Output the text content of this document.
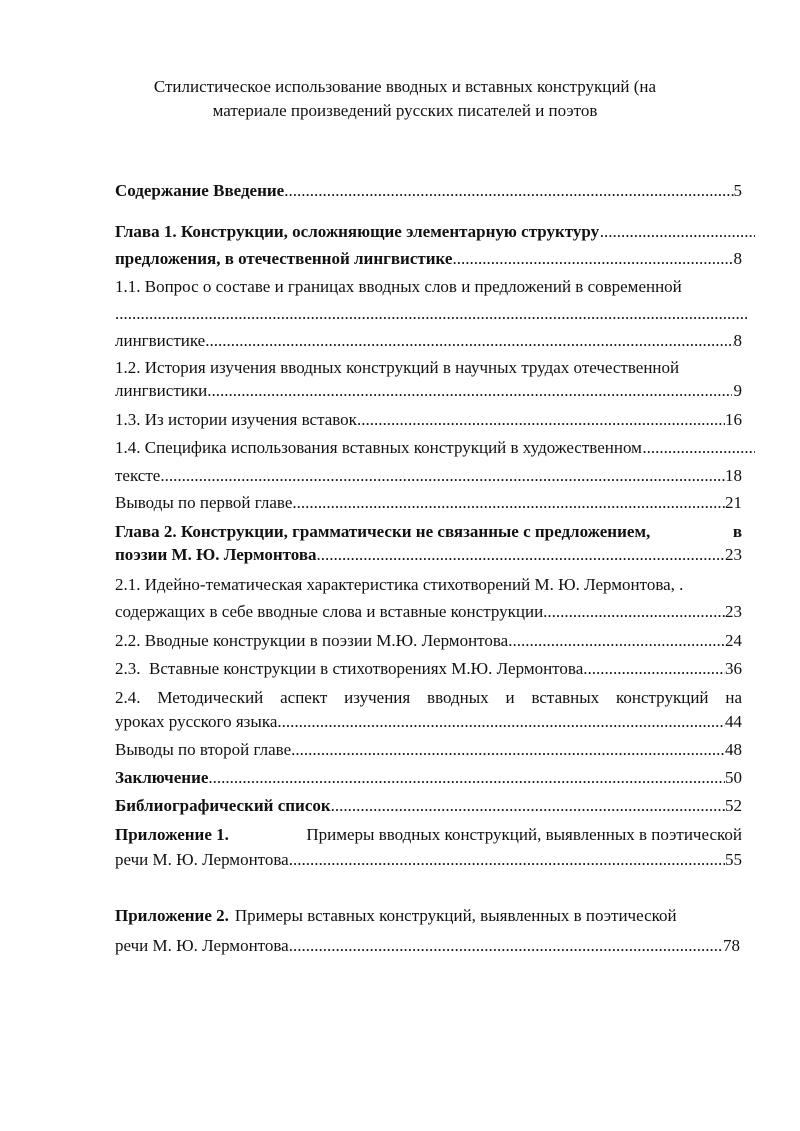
Стилистическое использование вводных и вставных конструкций (на
материале произведений русских писателей и поэтов
Содержание Введение .....	5
Глава 1. Конструкции, осложняющие элементарную структуру
.....
предложения, в отечественной лингвистике .....	8
1.1. Вопрос о составе и границах вводных слов и предложений в современной
.....
лингвистике .....	8
1.2. История изучения вводных конструкций в научных трудах отечественной
лингвистики .....	9
1.3. Из истории изучения вставок .....	16
1.4. Специфика использования вставных конструкций в художественном
.....
тексте .....	18
Выводы по первой главе .....	21
Глава 2. Конструкции, грамматически не связанные с предложением,	в
поэзии М. Ю. Лермонтова .....	23
2.1. Идейно-тематическая характеристика стихотворений М. Ю. Лермонтова, .
содержащих в себе вводные слова и вставные конструкции .....	23
2.2. Вводные конструкции в поэзии М.Ю. Лермонтова .....	24
2.3.  Вставные конструкции в стихотворениях М.Ю. Лермонтова .....	36
2.4. Методический аспект изучения вводных и вставных конструкций на
уроках русского языка .....	44
Выводы по второй главе .....	48
Заключение .....	50
Библиографический список .....	52
Приложение 1.	Примеры вводных конструкций, выявленных в поэтической
речи М. Ю. Лермонтова .....	55
Приложение 2. Примеры вставных конструкций, выявленных в поэтической
речи М. Ю. Лермонтова .....	78
